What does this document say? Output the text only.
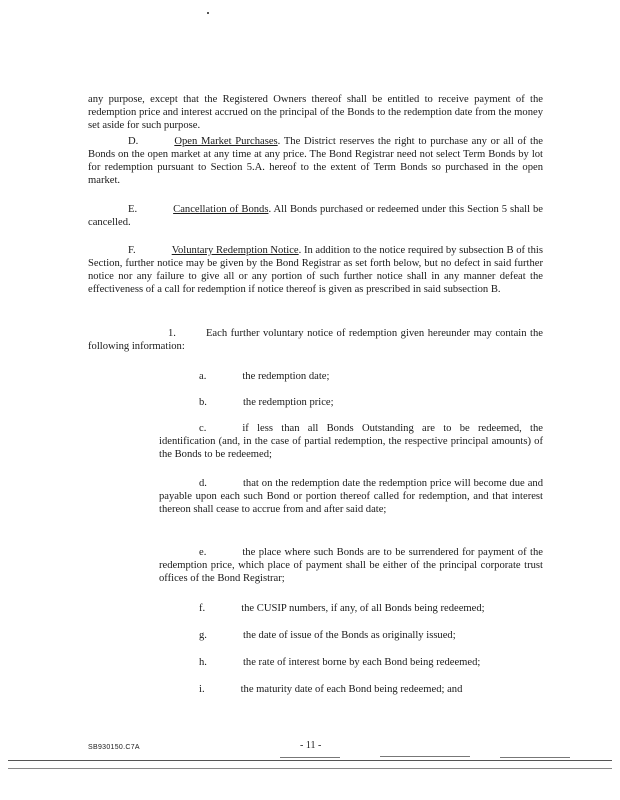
any purpose, except that the Registered Owners thereof shall be entitled to receive payment of the redemption price and interest accrued on the principal of the Bonds to the redemption date from the money set aside for such purpose.

D.	Open Market Purchases. The District reserves the right to purchase any or all of the Bonds on the open market at any time at any price. The Bond Registrar need not select Term Bonds by lot for redemption pursuant to Section 5.A. hereof to the extent of Term Bonds so purchased in the open market.

E.	Cancellation of Bonds. All Bonds purchased or redeemed under this Section 5 shall be cancelled.

F.	Voluntary Redemption Notice. In addition to the notice required by subsection B of this Section, further notice may be given by the Bond Registrar as set forth below, but no defect in said further notice nor any failure to give all or any portion of such further notice shall in any manner defeat the effectiveness of a call for redemption if notice thereof is given as prescribed in said subsection B.

1.	Each further voluntary notice of redemption given hereunder may contain the following information:

a.	the redemption date;

b.	the redemption price;

c.	if less than all Bonds Outstanding are to be redeemed, the identification (and, in the case of partial redemption, the respective principal amounts) of the Bonds to be redeemed;

d.	that on the redemption date the redemption price will become due and payable upon each such Bond or portion thereof called for redemption, and that interest thereon shall cease to accrue from and after said date;

e.	the place where such Bonds are to be surrendered for payment of the redemption price, which place of payment shall be either of the principal corporate trust offices of the Bond Registrar;

f.	the CUSIP numbers, if any, of all Bonds being redeemed;

g.	the date of issue of the Bonds as originally issued;

h.	the rate of interest borne by each Bond being redeemed;

i.	the maturity date of each Bond being redeemed; and

SB930150.C7A	- 11 -
